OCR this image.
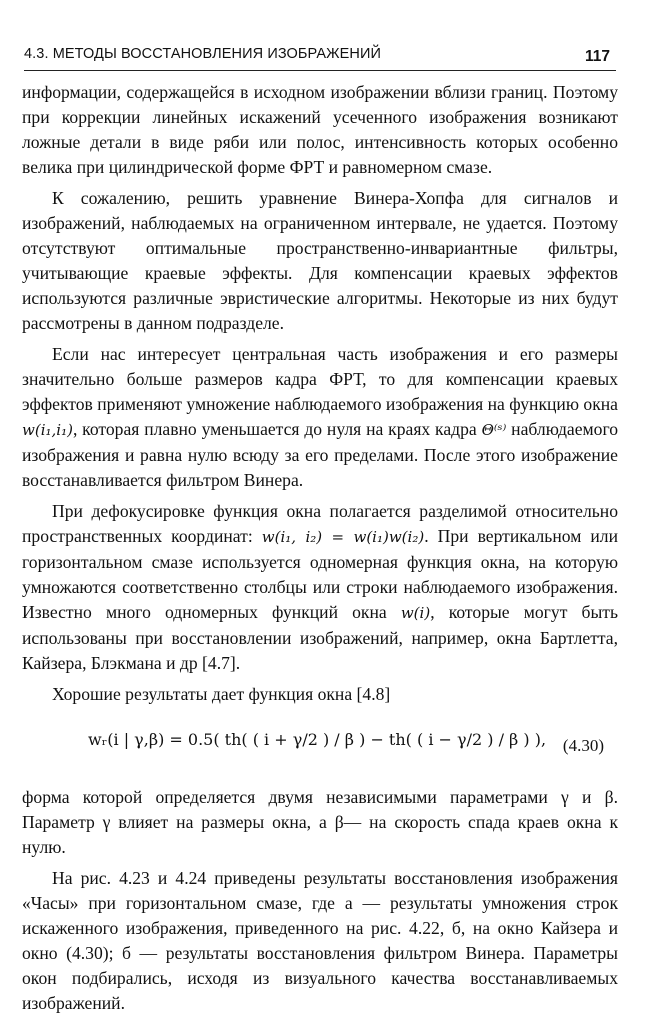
4.3. МЕТОДЫ ВОССТАНОВЛЕНИЯ ИЗОБРАЖЕНИЙ	117

информации, содержащейся в исходном изображении вблизи границ. Поэтому при коррекции линейных искажений усеченного изображения возникают ложные детали в виде ряби или полос, интенсивность которых особенно велика при цилиндрической форме ФРТ и равномерном смазе.

К сожалению, решить уравнение Винера-Хопфа для сигналов и изображений, наблюдаемых на ограниченном интервале, не удается. Поэтому отсутствуют оптимальные пространственно-инвариантные фильтры, учитывающие краевые эффекты. Для компенсации краевых эффектов используются различные эвристические алгоритмы. Некоторые из них будут рассмотрены в данном подразделе.

Если нас интересует центральная часть изображения и его размеры значительно больше размеров кадра ФРТ, то для компенсации краевых эффектов применяют умножение наблюдаемого изображения на функцию окна w(i₁,i₁), которая плавно уменьшается до нуля на краях кадра Θ⁽ˢ⁾ наблюдаемого изображения и равна нулю всюду за его пределами. После этого изображение восстанавливается фильтром Винера.

При дефокусировке функция окна полагается разделимой относительно пространственных координат: w(i₁, i₂) = w(i₁)w(i₂). При вертикальном или горизонтальном смазе используется одномерная функция окна, на которую умножаются соответственно столбцы или строки наблюдаемого изображения. Известно много одномерных функций окна w(i), которые могут быть использованы при восстановлении изображений, например, окна Бартлетта, Кайзера, Блэкмана и др [4.7].

Хорошие результаты дает функция окна [4.8]

wᵣ(i | γ,β) = 0.5( th( ( i + γ/2 ) / β ) − th( ( i − γ/2 ) / β ) ), (4.30)

форма которой определяется двумя независимыми параметрами γ и β. Параметр γ влияет на размеры окна, а β— на скорость спада краев окна к нулю.

На рис. 4.23 и 4.24 приведены результаты восстановления изображения «Часы» при горизонтальном смазе, где а — результаты умножения строк искаженного изображения, приведенного на рис. 4.22, б, на окно Кайзера и окно (4.30); б — результаты восстановления фильтром Винера. Параметры окон подбирались, исходя из визуального качества восстанавливаемых изображений.
